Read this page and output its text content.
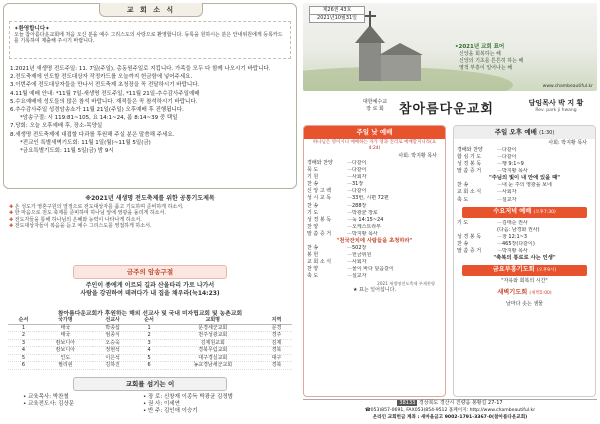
교 회 소 식
✦환영합니다✦
오늘 참아름다운교회에 처음 오신 분을 예수 그리스도의 사랑으로 환영합니다. 등록을 원하시는 분은 안내위원에게 등록카드를 기록하여 제출해 주시기 바랍니다.

1.2021년 새생명 전도주일: 11. 7일(주일), 총동원주일로 지킵니다. 가족들 모두 다 함께 나오시기 바랍니다.

2.전도축제에 인도할 전도대상자 작정카드를 오늘까지 헌금함에 넣어주세요.

3.이번주에 전도대상자들을 만나서 전도축제 초청장을 꼭 전달하시기 바랍니다.

4.11월 예배 안내: *11월 7일-새생명 전도주일, *11월 21일-추수감사주일예배

5.수요예배에 성도들의 많은 참석 바랍니다. 재적들은 꼭 참석하시기 바랍니다.

6.추수감사주일 성경암송쇼가 11월 21일(주일) 오후예배 후 진행됩니다.

*암송구절: 시 119:81~105, 요 14:1~24, 롬 8:14~39 중 택일

7.당회: 오늘 오후예배 후, 장소-목양실

8.새생명 전도축제에 대접할 다과를 후원해 주실 분은 말씀해 주세요.

*전교인 특별새벽기도회: 11월 1일(월)~11월 5일(금)

*금요특별기도회: 11월 5일(금) 밤 9시

※2021년 새생명 전도축제를 위한 공통기도제목
✚ 온 성도가 영혼구원의 열정으로 전도대상자를 품고 기도하며 준비하게 하소서.
✚ 한 마음으로 전도 축제를 준비하며 하나님 앞에 영광을 돌리게 하소서.
✚ 전도자들을 통해 하나님의 은혜와 능력이 나타나게 하소서.
✚ 전도대상자들이 복음을 듣고 예수 그리스도를 영접하게 하소서.
금주의 암송구절
주인이 종에게 이르되 길과 산울타리 가로 나가서
사람을 강권하여 데려다가 내 집을 채우라(눅14:23)
참아름다운교회가 후원하는 해외 선교사 및 국내 미자립교회 및 농촌교회
순서	국가명	선교사	순서	교회명	지역
1	태국	박종섭	1	문경세군교회	문경
2	태국	엄종식	2	천주성광교회	경주
3	캄보디아	오승욱	3	김제원교회	김제
4	캄보디아	정현석	4	경북무림교회	경북
5	인도	이은석	5	대구경실교회	대구
6	필리핀	김하진	6	농교경남세군교회	경북
교회를 섬기는 이
• 교육목사: 박찬철
• 교육전도사: 김상문
• 장 로: 신창재 이종득 박광균 김정범
• 권 사: 이세연
• 반 주: 김인애 이승기
제26권 43호
2021년10월31일
•2021년 교회 표어
신앙을 회복하는 해
신앙의 기초를 튼튼히 하는 해
영적 부흥이 일어나는 해
www.chambeautiful.kr
대한예수교
장 로 회	참아름다운교회	담임목사 박 지 황
Rev. park ji hwang
주일 낮 예배
하나님은 영이시니 예배하는 자가 영과 진리로 예배할지니라(요4:24)
사회: 박지황 목사
경배와 찬양	— 다같이
묵 도	— 다같이
기 원	— 사회자
찬 송	— 31장
신 앙 고 백	— 다같이
성 시 교 독	— 33번, 시편 72편
찬 송	— 288장
기 도	— 박광균 장로
성 경 봉 독	— 눅 14:15~24
찬 양	— 오케스트라부
말 씀 증 거	— 박지황 목사
"천국잔치에 사람들을 초청하라"
찬 송	— 502장
봉 헌	— 헌금위원
교 회 소 식	— 사회자
찬 양	— 물이 바다 덮음같이
축 도	— 설교자
2021 새생명전도축제 주제찬양
★ 표는 일어섭니다.
주일 오후 예배 (1:30)
사회: 박지황 목사
경배와 찬양	— 다같이
합 심 기 도	— 다같이
성 경 봉 독	— 행 9:1~9
말 씀 증 거	— 박지황 목사
"주님의 빛이 내 안에 있을 때"
찬 송	— 내 눈 주의 영광을 보네
교 회 소 식	— 사회자
축 도	— 설교자
수요저녁 예배 (오후7:30)
기 도	— 김태순 권사
(다음: 남경화 권사)
성 경 봉 독	— 창 12:1~3
찬 송	— 465장(다같이)
말 씀 증 거	— 박지황 목사
"축복의 통로로 사는 인생"
금요부흥기도회 (오후9시)
"자유와 회복의 시간"
새벽기도회 (새벽5:00)
날마다 솟는 샘물
38133 경상북도 경산시 진량읍 봉황길 27-17
☎053)857-0691, FAX053)854-9512 홈페이지: http://www.chambeautiful.kr
온라인 교회헌금 계좌 : 새마을금고 9002-1791-3367-0(참아름다운교회)
